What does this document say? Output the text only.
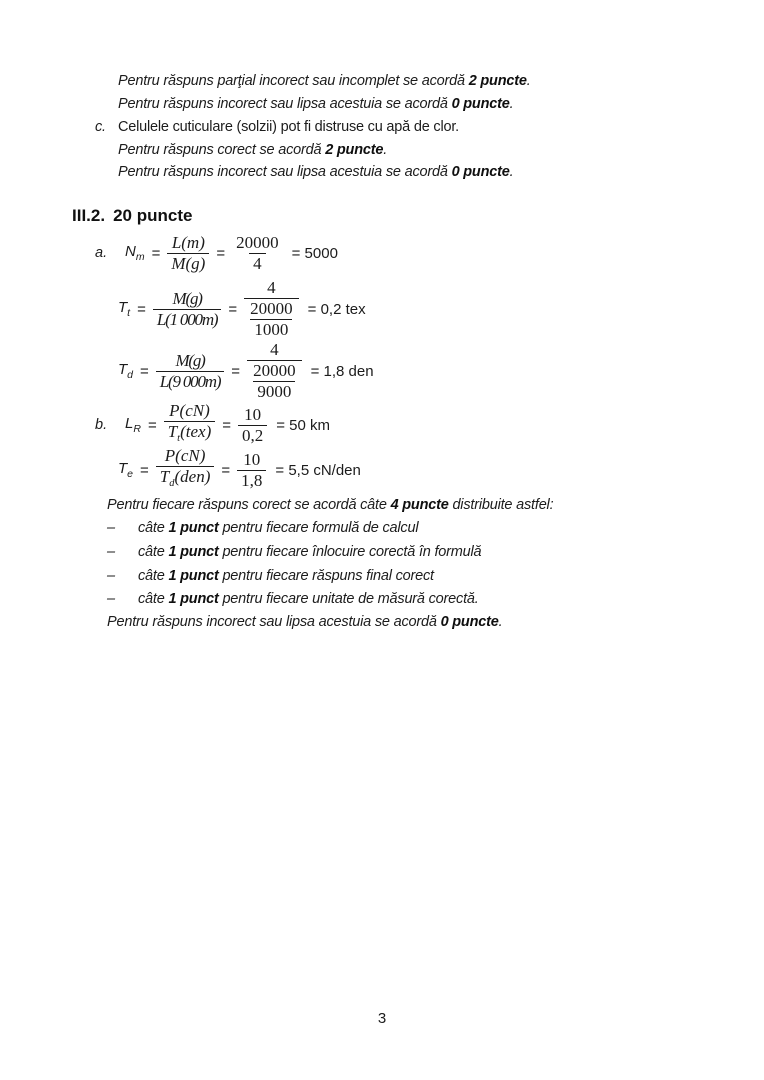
Pentru răspuns parţial incorect sau incomplet se acordă 2 puncte.
Pentru răspuns incorect sau lipsa acestuia se acordă 0 puncte.
c. Celulele cuticulare (solzii) pot fi distruse cu apă de clor.
Pentru răspuns corect se acordă 2 puncte.
Pentru răspuns incorect sau lipsa acestuia se acordă 0 puncte.
III.2. 20 puncte
a.	$N_m = \frac{L(m)}{M(g)} = \frac{20000}{4} = 5000$
$T_t = \frac{M(g)}{L(1 000m)} = \frac{4}{\frac{20000}{1000}} = 0,2$ tex
$T_d = \frac{M(g)}{L(9 000m)} = \frac{4}{\frac{20000}{9000}} = 1,8$ den
b.	$L_R = \frac{P(cN)}{T_t(tex)} = \frac{10}{0,2} = 50$ km
$T_e = \frac{P(cN)}{T_d(den)} = \frac{10}{1,8} = 5,5$ cN/den
Pentru fiecare răspuns corect se acordă câte 4 puncte distribuite astfel:
– câte 1 punct pentru fiecare formulă de calcul
– câte 1 punct pentru fiecare înlocuire corectă în formulă
– câte 1 punct pentru fiecare răspuns final corect
– câte 1 punct pentru fiecare unitate de măsură corectă.
Pentru răspuns incorect sau lipsa acestuia se acordă 0 puncte.
3
